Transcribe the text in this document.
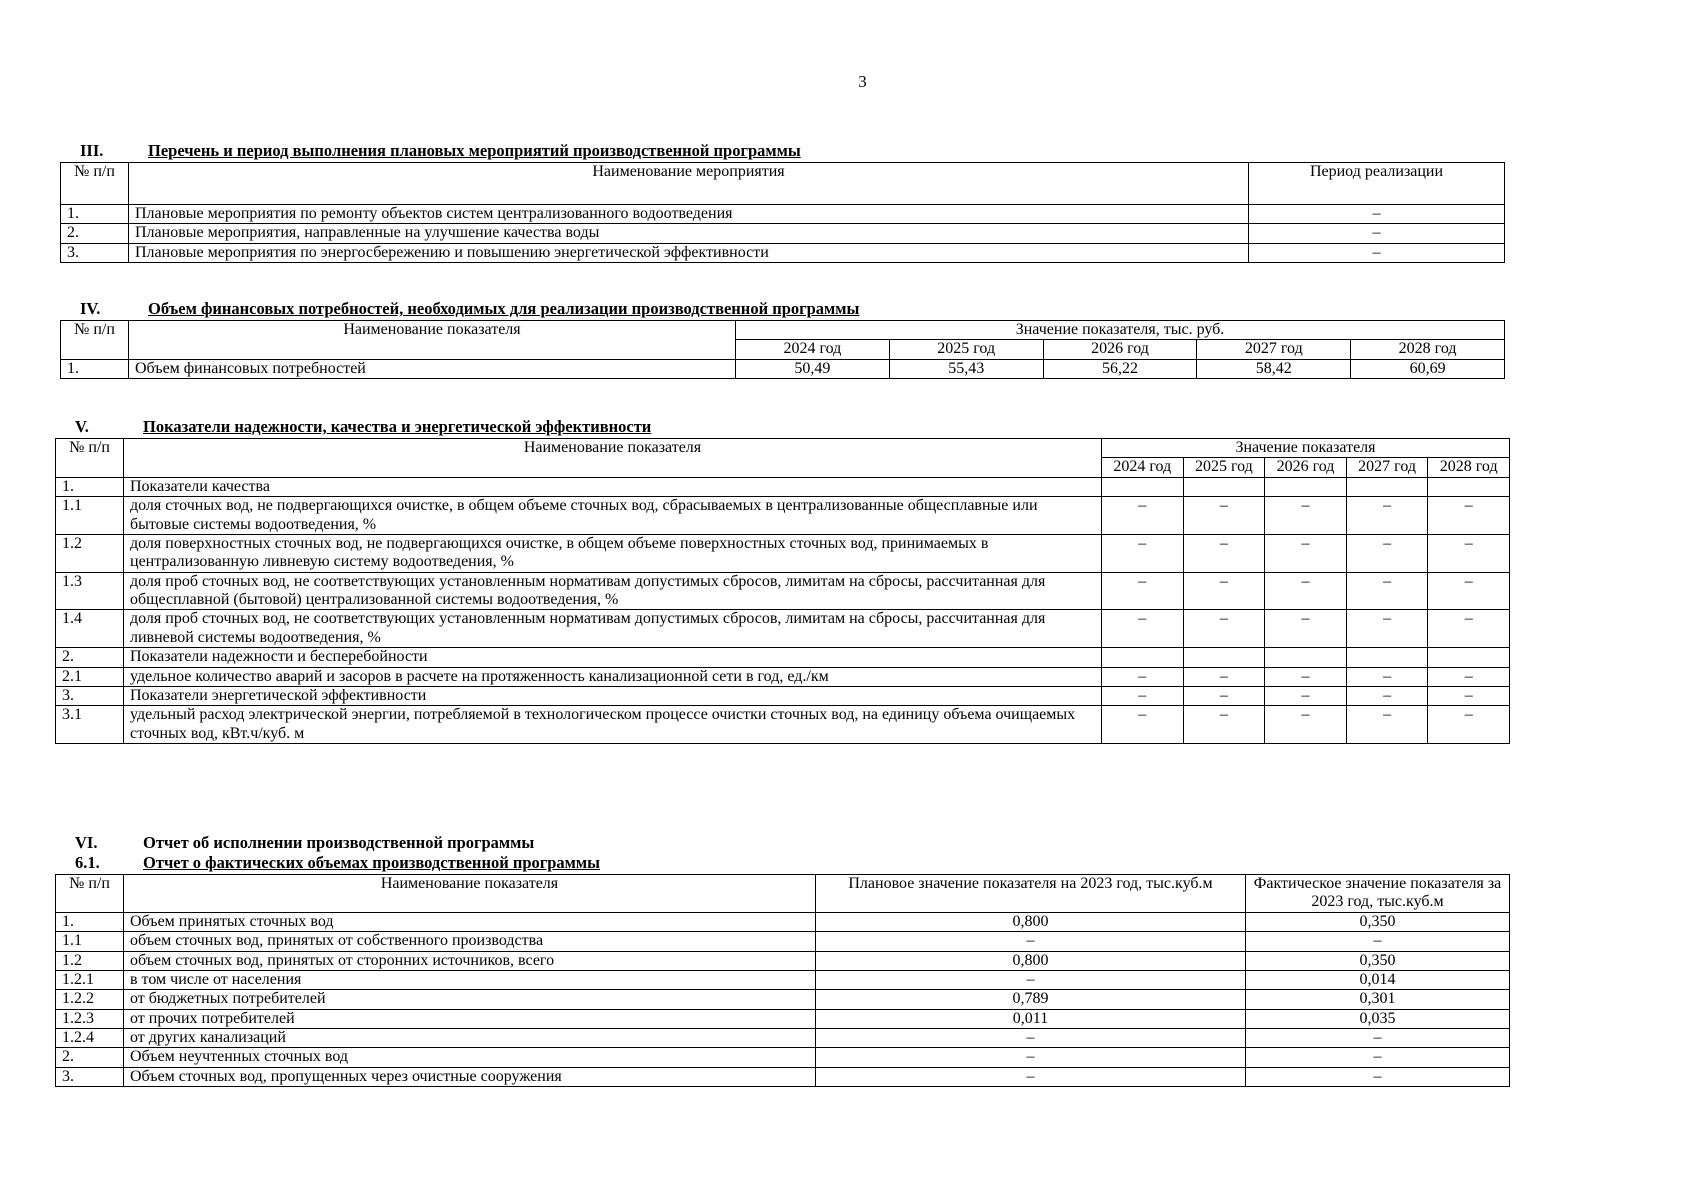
3
III.	Перечень и период выполнения плановых мероприятий производственной программы
№ п/п	Наименование мероприятия	Период реализации
1.	Плановые мероприятия по ремонту объектов систем централизованного водоотведения	–
2.	Плановые мероприятия, направленные на улучшение качества воды	–
3.	Плановые мероприятия по энергосбережению и повышению энергетической эффективности	–
IV.	Объем финансовых потребностей, необходимых для реализации производственной программы
№ п/п	Наименование показателя	Значение показателя, тыс. руб.				
		2024 год	2025 год	2026 год	2027 год	2028 год
1.	Объем финансовых потребностей	50,49	55,43	56,22	58,42	60,69
V.	Показатели надежности, качества и энергетической эффективности
№ п/п	Наименование показателя	Значение показателя				
		2024 год	2025 год	2026 год	2027 год	2028 год
1.	Показатели качества					
1.1	доля сточных вод, не подвергающихся очистке, в общем объеме сточных вод, сбрасываемых в централизованные общесплавные или бытовые системы водоотведения, %	–	–	–	–	–
1.2	доля поверхностных сточных вод, не подвергающихся очистке, в общем объеме поверхностных сточных вод, принимаемых в централизованную ливневую систему водоотведения, %	–	–	–	–	–
1.3	доля проб сточных вод, не соответствующих установленным нормативам допустимых сбросов, лимитам на сбросы, рассчитанная для общесплавной (бытовой) централизованной системы водоотведения, %	–	–	–	–	–
1.4	доля проб сточных вод, не соответствующих установленным нормативам допустимых сбросов, лимитам на сбросы, рассчитанная для ливневой системы водоотведения, %	–	–	–	–	–
2.	Показатели надежности и бесперебойности					
2.1	удельное количество аварий и засоров в расчете на протяженность канализационной сети в год, ед./км	–	–	–	–	–
3.	Показатели энергетической эффективности	–	–	–	–	–
3.1	удельный расход электрической энергии, потребляемой в технологическом процессе очистки сточных вод, на единицу объема очищаемых сточных вод, кВт.ч/куб. м	–	–	–	–	–
VI.	Отчет об исполнении производственной программы
6.1.	Отчет о фактических объемах производственной программы
№ п/п	Наименование показателя	Плановое значение показателя на 2023 год, тыс.куб.м	Фактическое значение показателя за 2023 год, тыс.куб.м
1.	Объем принятых сточных вод	0,800	0,350
1.1	объем сточных вод, принятых от собственного производства	–	–
1.2	объем сточных вод, принятых от сторонних источников, всего	0,800	0,350
1.2.1	в том числе от населения	–	0,014
1.2.2	от бюджетных потребителей	0,789	0,301
1.2.3	от прочих потребителей	0,011	0,035
1.2.4	от других канализаций	–	–
2.	Объем неучтенных сточных вод	–	–
3.	Объем сточных вод, пропущенных через очистные сооружения	–	–
